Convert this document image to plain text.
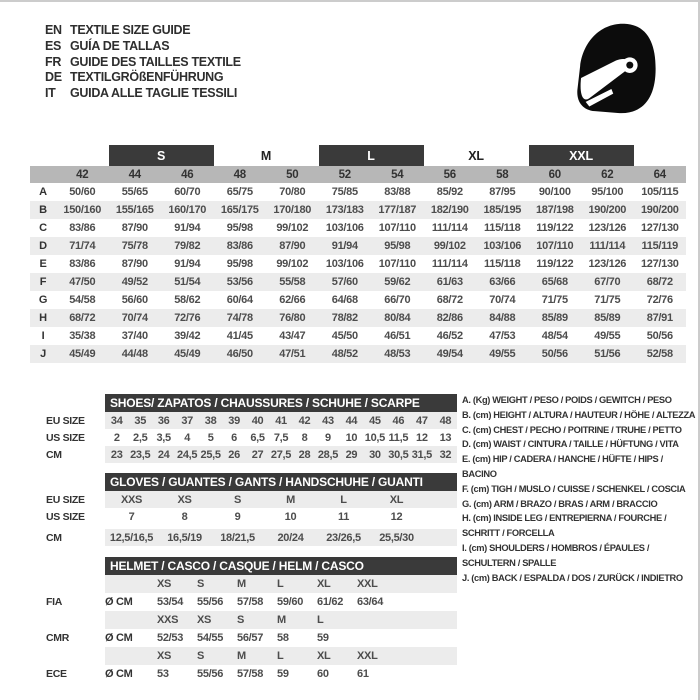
EN TEXTILE SIZE GUIDE
ES GUÍA DE TALLAS
FR GUIDE DES TAILLES TEXTILE
DE TEXTILGRÖßENFÜHRUNG
IT	GUIDA ALLE TAGLIE TESSILI
		S		M		L		XL		XXL		
	42	44	46	48	50	52	54	56	58	60	62	64
A	50/60	55/65	60/70	65/75	70/80	75/85	83/88	85/92	87/95	90/100	95/100	105/115
B	150/160	155/165	160/170	165/175	170/180	173/183	177/187	182/190	185/195	187/198	190/200	190/200
C	83/86	87/90	91/94	95/98	99/102	103/106	107/110	111/114	115/118	119/122	123/126	127/130
D	71/74	75/78	79/82	83/86	87/90	91/94	95/98	99/102	103/106	107/110	111/114	115/119
E	83/86	87/90	91/94	95/98	99/102	103/106	107/110	111/114	115/118	119/122	123/126	127/130
F	47/50	49/52	51/54	53/56	55/58	57/60	59/62	61/63	63/66	65/68	67/70	68/72
G	54/58	56/60	58/62	60/64	62/66	64/68	66/70	68/72	70/74	71/75	71/75	72/76
H	68/72	70/74	72/76	74/78	76/80	78/82	80/84	82/86	84/88	85/89	85/89	87/91
I	35/38	37/40	39/42	41/45	43/47	45/50	46/51	46/52	47/53	48/54	49/55	50/56
J	45/49	44/48	45/49	46/50	47/51	48/52	48/53	49/54	49/55	50/56	51/56	52/58
	SHOES/ ZAPATOS / CHAUSSURES / SCHUHE / SCARPE														
EU SIZE	34	35	36	37	38	39	40	41	42	43	44	45	46	47	48
US SIZE	2	2,5	3,5	4	5	6	6,5	7,5	8	9	10	10,5	11,5	12	13
CM	23	23,5	24	24,5	25,5	26	27	27,5	28	28,5	29	30	30,5	31,5	32
	GLOVES / GUANTES / GANTS / HANDSCHUHE / GUANTI						
EU SIZE	XXS	XS	S	M	L	XL	
US SIZE	7	8	9	10	11	12	
CM	12,5/16,5	16,5/19	18/21,5	20/24	23/26,5	25,5/30	
	HELMET / CASCO / CASQUE / HELM / CASCO							
		XS	S	M	L	XL	XXL	
FIA	Ø CM	53/54	55/56	57/58	59/60	61/62	63/64	
		XXS	XS	S	M	L		
CMR	Ø CM	52/53	54/55	56/57	58	59		
		XS	S	M	L	XL	XXL	
ECE	Ø CM	53	55/56	57/58	59	60	61	
A. (Kg) WEIGHT / PESO / POIDS / GEWITCH / PESO
B. (cm) HEIGHT / ALTURA / HAUTEUR / HÖHE / ALTEZZA
C. (cm) CHEST / PECHO / POITRINE / TRUHE / PETTO
D. (cm) WAIST / CINTURA / TAILLE / HÜFTUNG / VITA
E. (cm) HIP / CADERA / HANCHE / HÜFTE / HIPS / BACINO
F. (cm) TIGH / MUSLO / CUISSE / SCHENKEL / COSCIA
G. (cm) ARM / BRAZO / BRAS / ARM / BRACCIO
H. (cm) INSIDE LEG / ENTREPIERNA / FOURCHE / SCHRITT / FORCELLA
I. (cm) SHOULDERS / HOMBROS / ÉPAULES / SCHULTERN / SPALLE
J. (cm) BACK / ESPALDA / DOS / ZURÜCK / INDIETRO
